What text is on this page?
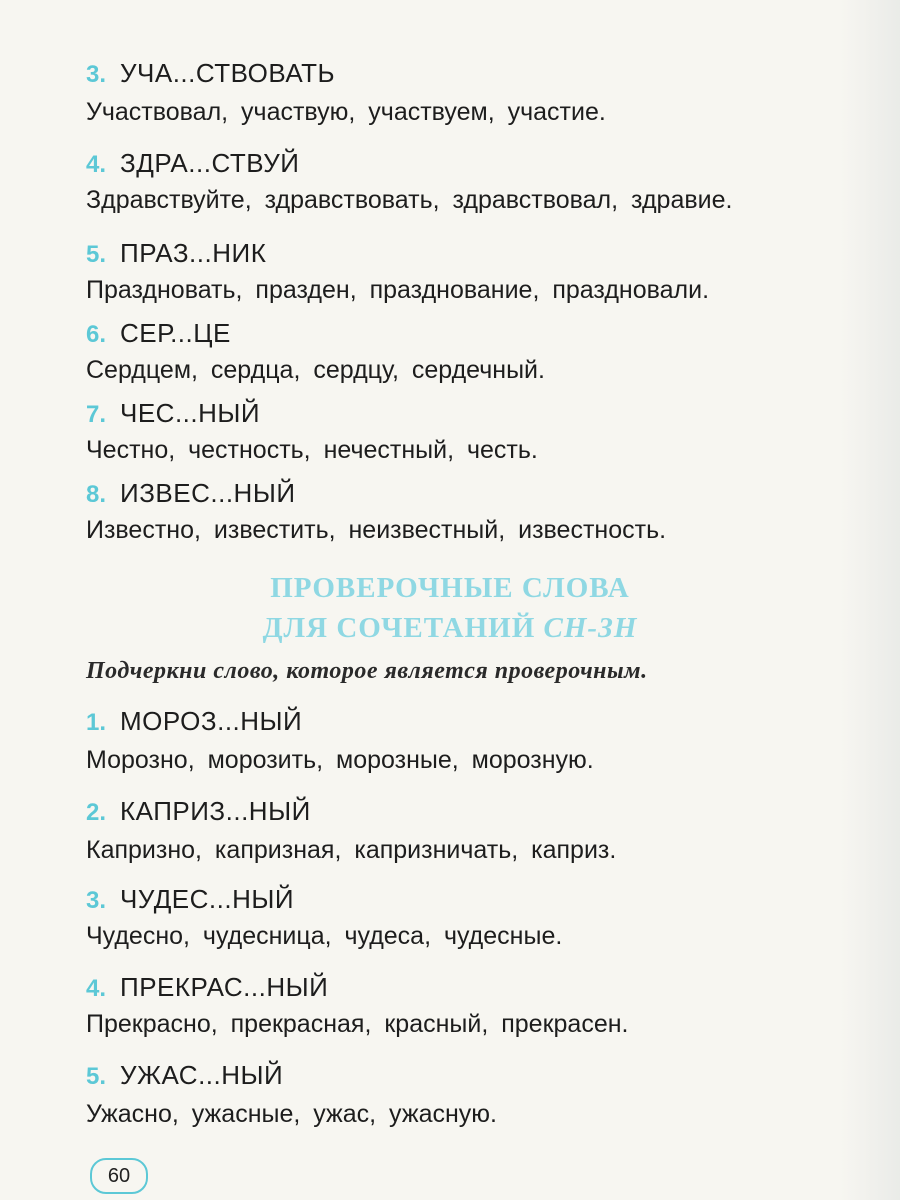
3. УЧА...СТВОВАТЬ
Участвовал, участвую, участвуем, участие.
4. ЗДРА...СТВУЙ
Здравствуйте, здравствовать, здравствовал, здравие.
5. ПРАЗ...НИК
Праздновать, празден, празднование, праздновали.
6. СЕР...ЦЕ
Сердцем, сердца, сердцу, сердечный.
7. ЧЕС...НЫЙ
Честно, честность, нечестный, честь.
8. ИЗВЕС...НЫЙ
Известно, известить, неизвестный, известность.
ПРОВЕРОЧНЫЕ СЛОВА
ДЛЯ СОЧЕТАНИЙ СН-ЗН
Подчеркни слово, которое является проверочным.
1. МОРОЗ...НЫЙ
Морозно, морозить, морозные, морозную.
2. КАПРИЗ...НЫЙ
Капризно, капризная, капризничать, каприз.
3. ЧУДЕС...НЫЙ
Чудесно, чудесница, чудеса, чудесные.
4. ПРЕКРАС...НЫЙ
Прекрасно, прекрасная, красный, прекрасен.
5. УЖАС...НЫЙ
Ужасно, ужасные, ужас, ужасную.
60
